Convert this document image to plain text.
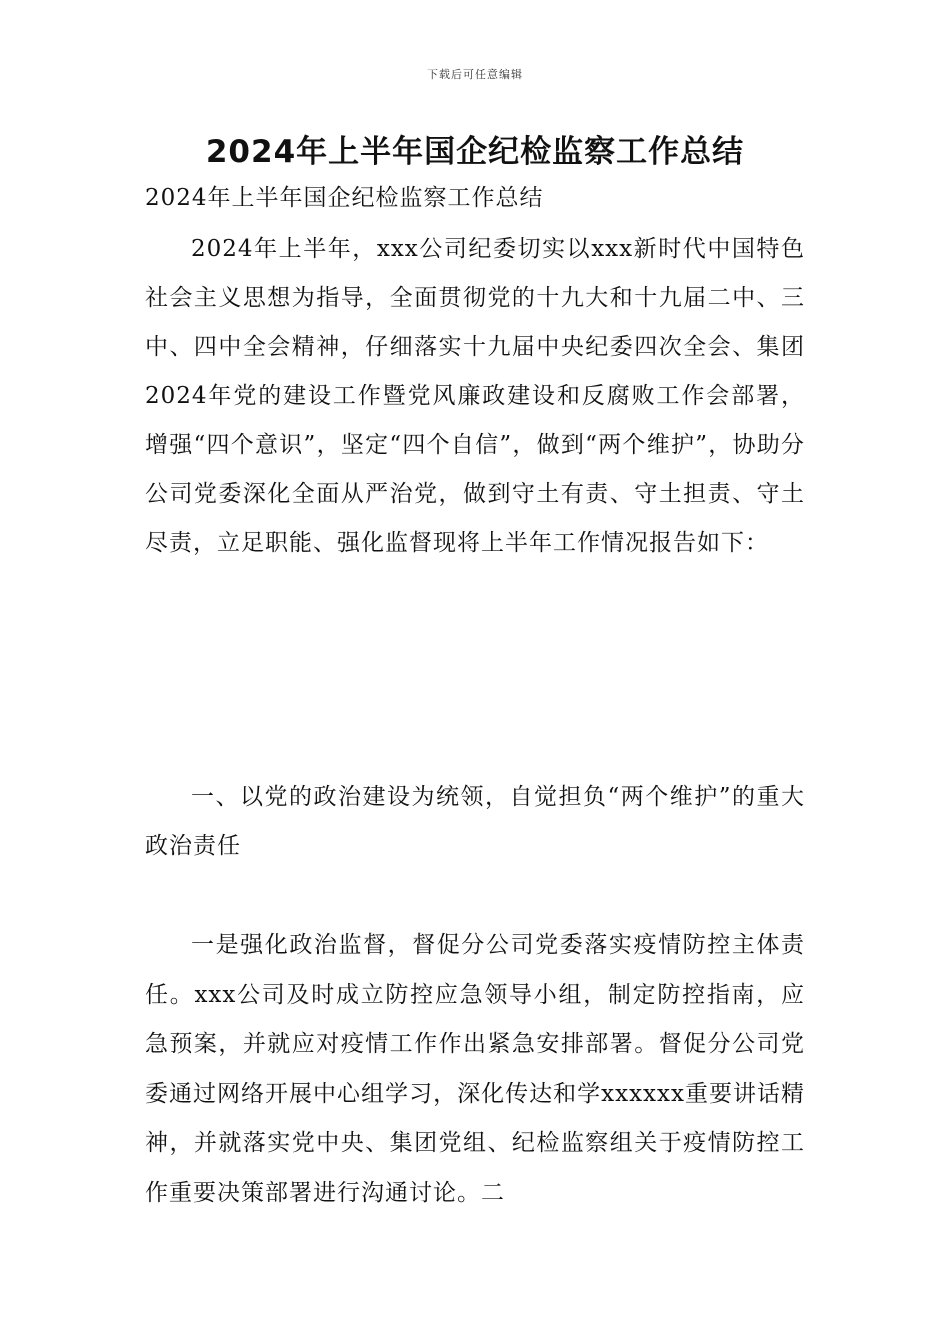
下载后可任意编辑
2024年上半年国企纪检监察工作总结

2024年上半年国企纪检监察工作总结

2024年上半年，xxx公司纪委切实以xxx新时代中国特色社会主义思想为指导，全面贯彻党的十九大和十九届二中、三中、四中全会精神，仔细落实十九届中央纪委四次全会、集团2024年党的建设工作暨党风廉政建设和反腐败工作会部署，增强“四个意识”，坚定“四个自信”，做到“两个维护”，协助分公司党委深化全面从严治党，做到守土有责、守土担责、守土尽责，立足职能、强化监督现将上半年工作情况报告如下：

一、以党的政治建设为统领，自觉担负“两个维护”的重大政治责任

一是强化政治监督，督促分公司党委落实疫情防控主体责任。xxx公司及时成立防控应急领导小组，制定防控指南，应急预案，并就应对疫情工作作出紧急安排部署。督促分公司党委通过网络开展中心组学习，深化传达和学xxxxxx重要讲话精神，并就落实党中央、集团党组、纪检监察组关于疫情防控工作重要决策部署进行沟通讨论。二
